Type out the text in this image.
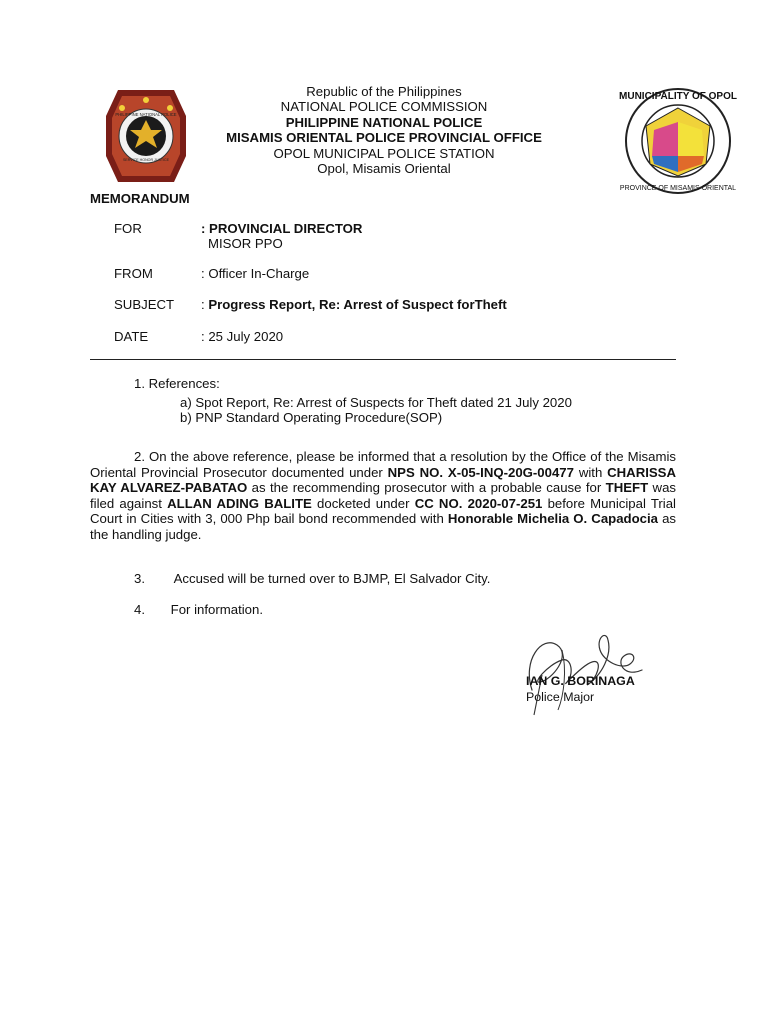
PHILIPPINE NATIONAL POLICE
SERVICE HONOR JUSTICE
MUNICIPALITY OF OPOL
PROVINCE OF MISAMIS ORIENTAL
Republic of the Philippines
NATIONAL POLICE COMMISSION
PHILIPPINE NATIONAL POLICE
MISAMIS ORIENTAL POLICE PROVINCIAL OFFICE
OPOL MUNICIPAL POLICE STATION
Opol, Misamis Oriental
MEMORANDUM
FOR	: PROVINCIAL DIRECTOR
MISOR PPO
FROM	: Officer In-Charge
SUBJECT : Progress Report, Re: Arrest of Suspect forTheft
DATE	: 25 July 2020
1. References:
a) Spot Report, Re: Arrest of Suspects for Theft dated 21 July 2020
b) PNP Standard Operating Procedure(SOP)
2. On the above reference, please be informed that a resolution by the Office of the Misamis Oriental Provincial Prosecutor documented under NPS NO. X-05-INQ-20G-00477 with CHARISSA KAY ALVAREZ-PABATAO as the recommending prosecutor with a probable cause for THEFT was filed against ALLAN ADING BALITE docketed under CC NO. 2020-07-251 before Municipal Trial Court in Cities with 3, 000 Php bail bond recommended with Honorable Michelia O. Capadocia as the handling judge.
3.        Accused will be turned over to BJMP, El Salvador City.
4.       For information.
IAN G. BORINAGA
Police Major
